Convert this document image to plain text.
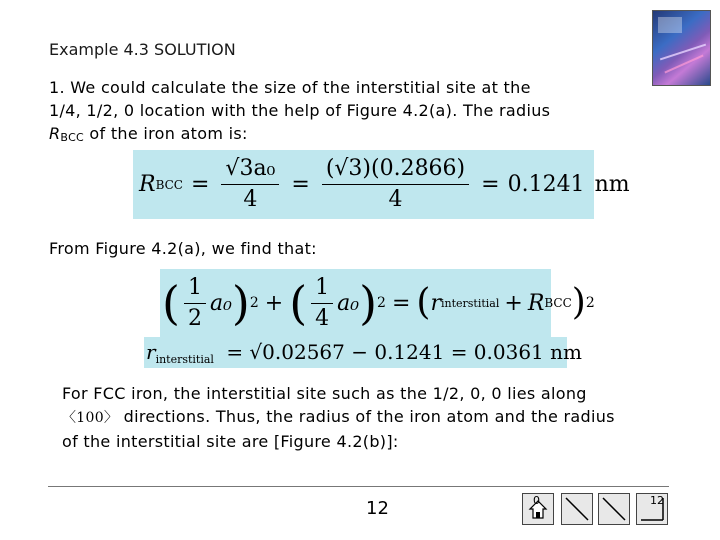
Example 4.3 SOLUTION
1. We could calculate the size of the interstitial site at the
1/4, 1/2, 0 location with the help of Figure 4.2(a). The radius
RBCC of the iron atom is:
R BCC = $\frac{\text{√3a₀}}{4} = \frac{(√3)(0.2866)}{4} = 0.1241$ nm
From Figure 4.2(a), we find that:
( $\frac{1}{2} a_0$ ) 2 + ( $\frac{1}{4} a_0$ ) 2 = ( r interstitial + R BCC ) 2
$r_{interstitial} = √0.02567 - 0.1241 = 0.0361$ nm
For FCC iron, the interstitial site such as the 1/2, 0, 0 lies along 〈100〉 directions. Thus, the radius of the iron atom and the radius of the interstitial site are [Figure 4.2(b)]:
12	0	12
